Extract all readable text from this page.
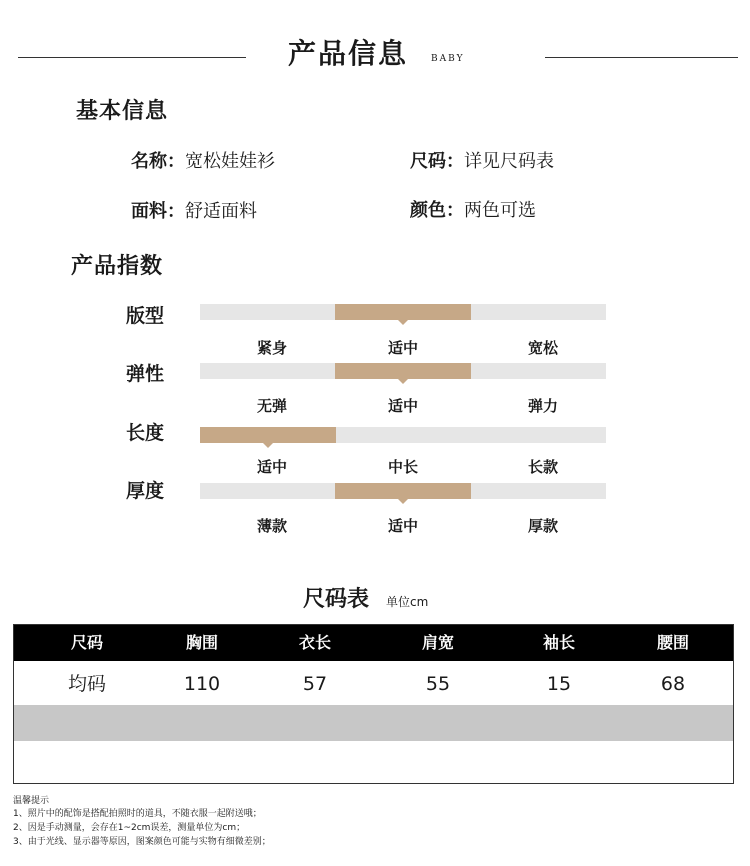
产品信息	BABY
基本信息
名称：宽松娃娃衫	尺码：详见尺码表
面料：舒适面料	颜色：两色可选
产品指数
版型
紧身	适中	宽松
弹性
无弹	适中	弹力
长度
适中	中长	长款
厚度
薄款	适中	厚款
尺码表 单位cm
尺码	胸围	衣长	肩宽	袖长	腰围
均码	110	57	55	15	68
温馨提示
1、照片中的配饰是搭配拍照时的道具，不随衣服一起附送哦；
2、因是手动测量，会存在1~2cm误差，测量单位为cm；
3、由于光线、显示器等原因，图案颜色可能与实物有细微差别；
